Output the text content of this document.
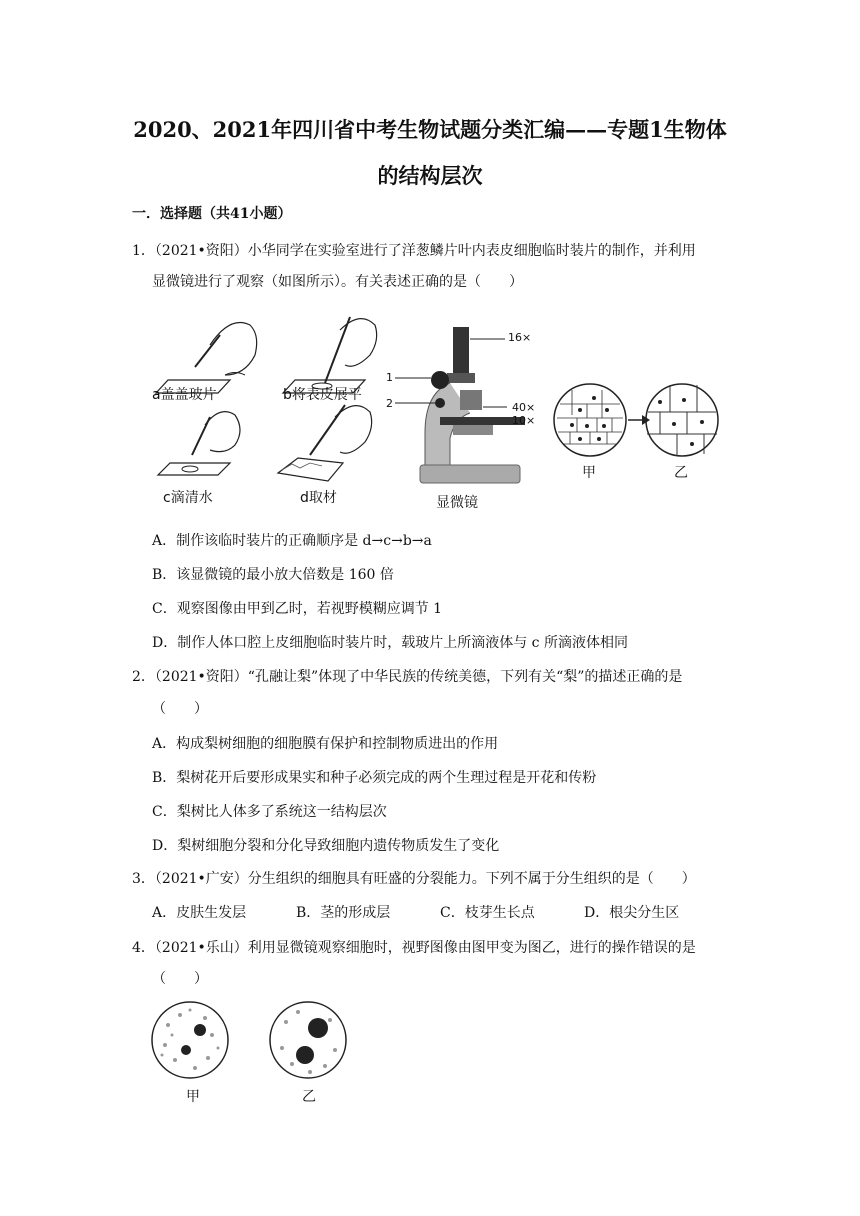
2020、2021年四川省中考生物试题分类汇编——专题1生物体
的结构层次
一．选择题（共41小题）
1．（2021•资阳）小华同学在实验室进行了洋葱鳞片叶内表皮细胞临时装片的制作，并利用
显微镜进行了观察（如图所示）。有关表述正确的是（　　）
a盖盖玻片	b将表皮展平
c滴清水	d取材
16×
1
2	40×
10×
显微镜
甲	乙
A．制作该临时装片的正确顺序是 d→c→b→a
B．该显微镜的最小放大倍数是 160 倍
C．观察图像由甲到乙时，若视野模糊应调节 1
D．制作人体口腔上皮细胞临时装片时，载玻片上所滴液体与 c 所滴液体相同
2．（2021•资阳）“孔融让梨”体现了中华民族的传统美德，下列有关“梨”的描述正确的是
（　　）
A．构成梨树细胞的细胞膜有保护和控制物质进出的作用
B．梨树花开后要形成果实和种子必须完成的两个生理过程是开花和传粉
C．梨树比人体多了系统这一结构层次
D．梨树细胞分裂和分化导致细胞内遗传物质发生了变化
3．（2021•广安）分生组织的细胞具有旺盛的分裂能力。下列不属于分生组织的是（　　）
A．皮肤生发层	B．茎的形成层	C．枝芽生长点	D．根尖分生区
4．（2021•乐山）利用显微镜观察细胞时，视野图像由图甲变为图乙，进行的操作错误的是
（　　）
甲	乙
